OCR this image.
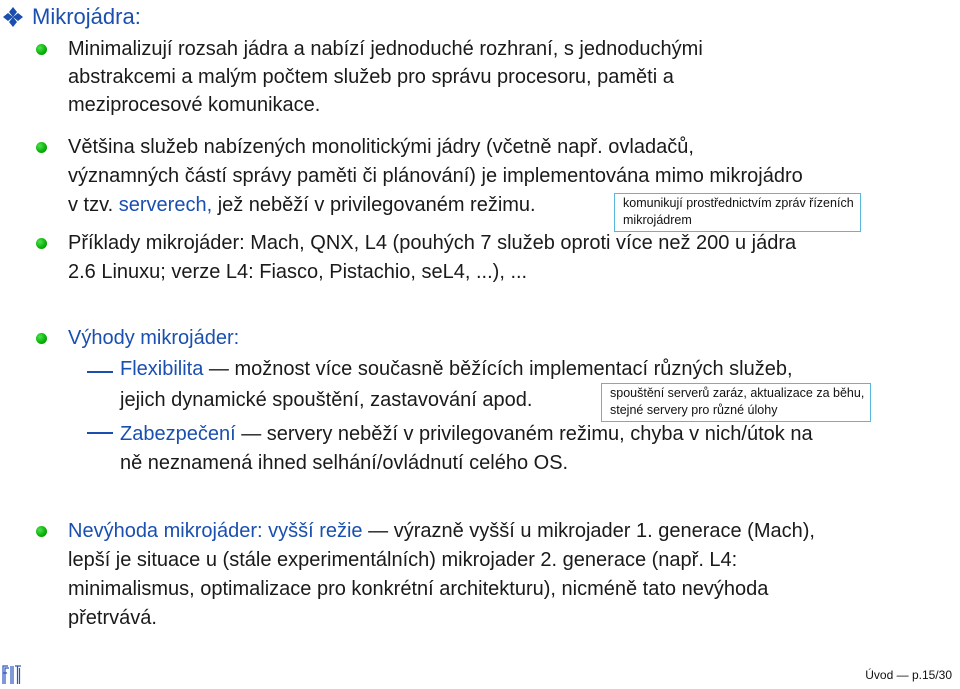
Mikrojádra:
Minimalizují rozsah jádra a nabízí jednoduché rozhraní, s jednoduchými
abstrakcemi a malým počtem služeb pro správu procesoru, paměti a
meziprocesové komunikace.
Většina služeb nabízených monolitickými jádry (včetně např. ovladačů,
významných částí správy paměti či plánování) je implementována mimo mikrojádro
v tzv. serverech, jež neběží v privilegovaném režimu.	komunikují prostřednictvím zpráv řízeních
mikrojádrem
Příklady mikrojáder: Mach, QNX, L4 (pouhých 7 služeb oproti více než 200 u jádra
2.6 Linuxu; verze L4: Fiasco, Pistachio, seL4, ...), ...
Výhody mikrojáder:
Flexibilita — možnost více současně běžících implementací různých služeb,
jejich dynamické spouštění, zastavování apod.	spouštění serverů zaráz, aktualizace za běhu,
stejné servery pro různé úlohy
Zabezpečení — servery neběží v privilegovaném režimu, chyba v nich/útok na
ně neznamená ihned selhání/ovládnutí celého OS.
Nevýhoda mikrojáder: vyšší režie — výrazně vyšší u mikrojader 1. generace (Mach),
lepší je situace u (stále experimentálních) mikrojader 2. generace (např. L4:
minimalismus, optimalizace pro konkrétní architekturu), nicméně tato nevýhoda
přetrvává.
Úvod — p.15/30
